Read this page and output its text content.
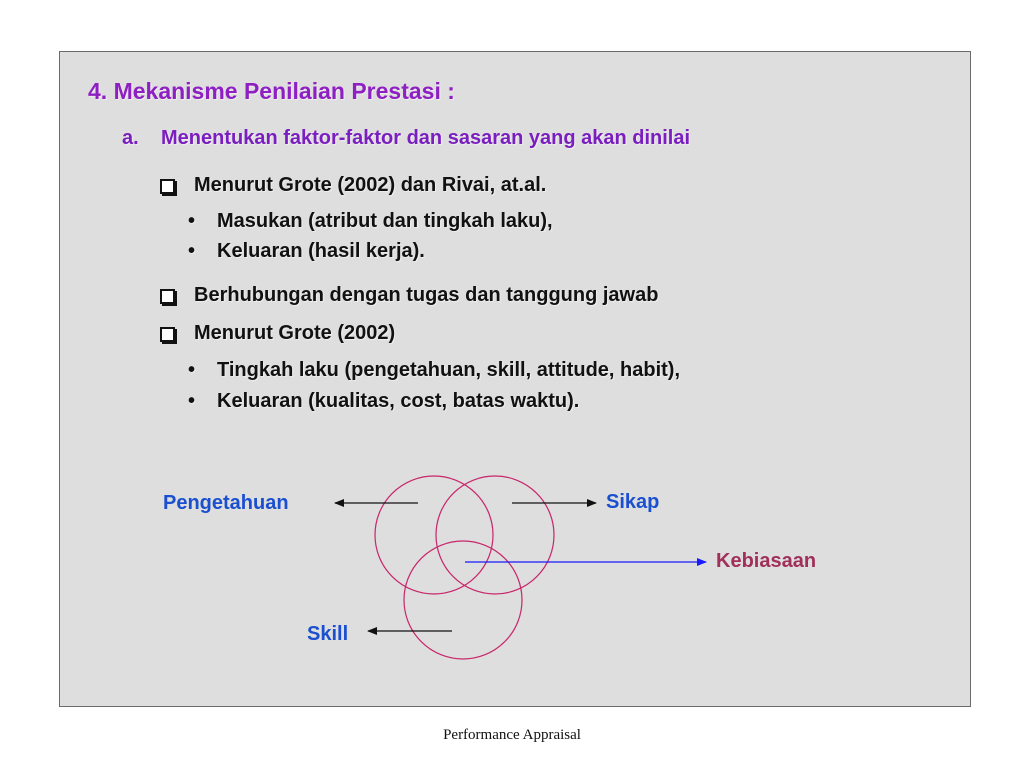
4. Mekanisme Penilaian Prestasi :
a. Menentukan faktor-faktor dan sasaran yang akan dinilai
Menurut Grote (2002) dan Rivai, at.al.
• Masukan (atribut dan tingkah laku),
• Keluaran (hasil kerja).
Berhubungan dengan tugas dan tanggung jawab
Menurut Grote (2002)
• Tingkah laku (pengetahuan, skill, attitude, habit),
• Keluaran (kualitas, cost, batas waktu).
Pengetahuan	Sikap
Kebiasaan
Skill
Performance Appraisal
